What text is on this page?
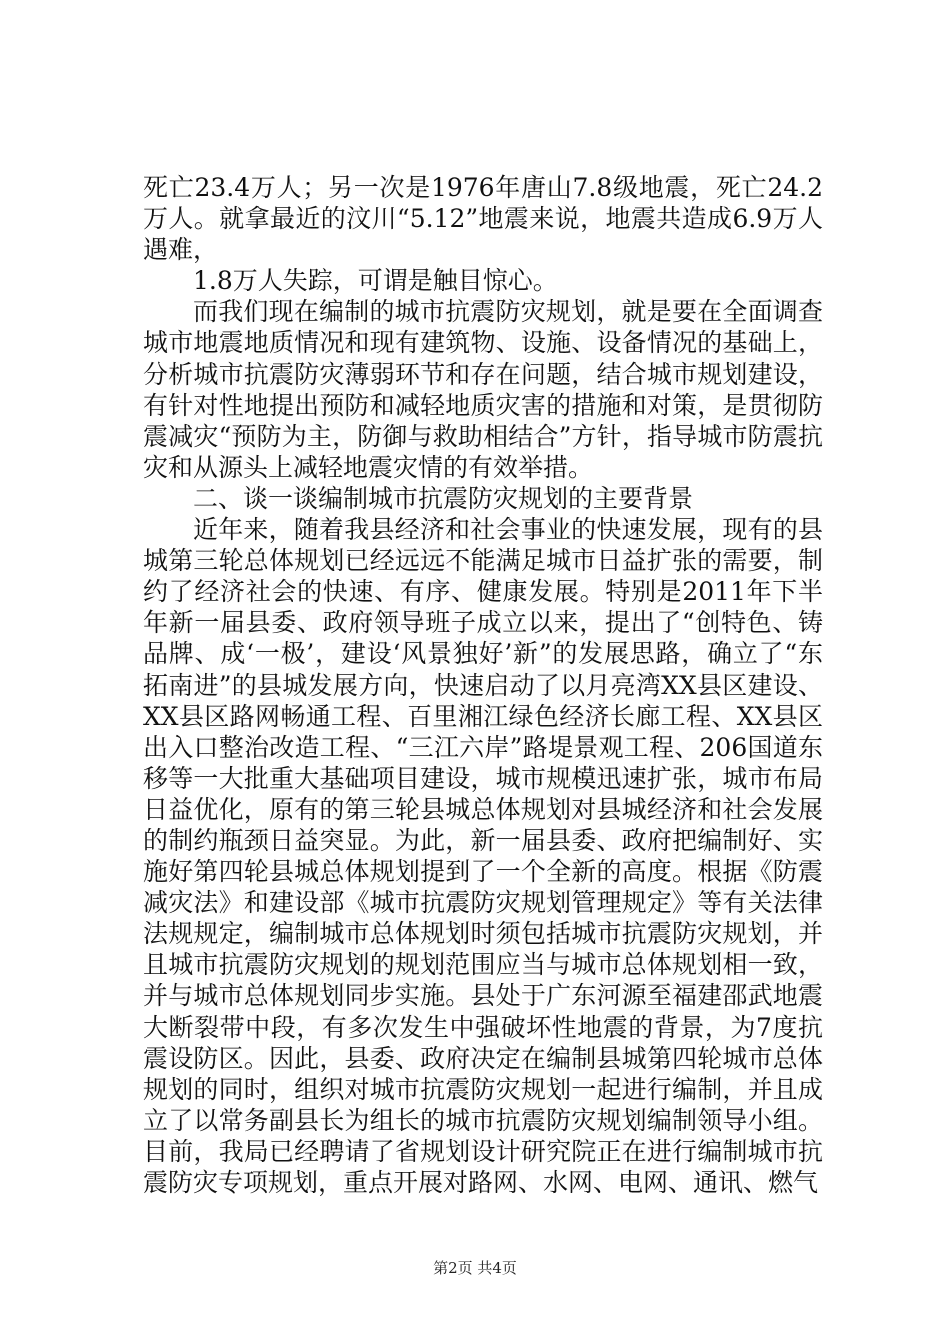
死亡23.4万人；另一次是1976年唐山7.8级地震，死亡24.2万人。就拿最近的汶川“5.12”地震来说，地震共造成6.9万人遇难，

1.8万人失踪，可谓是触目惊心。

而我们现在编制的城市抗震防灾规划，就是要在全面调查城市地震地质情况和现有建筑物、设施、设备情况的基础上，分析城市抗震防灾薄弱环节和存在问题，结合城市规划建设，有针对性地提出预防和减轻地质灾害的措施和对策，是贯彻防震减灾“预防为主，防御与救助相结合”方针，指导城市防震抗灾和从源头上减轻地震灾情的有效举措。

二、谈一谈编制城市抗震防灾规划的主要背景

近年来，随着我县经济和社会事业的快速发展，现有的县城第三轮总体规划已经远远不能满足城市日益扩张的需要，制约了经济社会的快速、有序、健康发展。特别是2011年下半年新一届县委、政府领导班子成立以来，提出了“创特色、铸品牌、成‘一极’，建设‘风景独好’新”的发展思路，确立了“东拓南进”的县城发展方向，快速启动了以月亮湾XX县区建设、XX县区路网畅通工程、百里湘江绿色经济长廊工程、XX县区出入口整治改造工程、“三江六岸”路堤景观工程、206国道东移等一大批重大基础项目建设，城市规模迅速扩张，城市布局日益优化，原有的第三轮县城总体规划对县城经济和社会发展的制约瓶颈日益突显。为此，新一届县委、政府把编制好、实施好第四轮县城总体规划提到了一个全新的高度。根据《防震减灾法》和建设部《城市抗震防灾规划管理规定》等有关法律法规规定，编制城市总体规划时须包括城市抗震防灾规划，并且城市抗震防灾规划的规划范围应当与城市总体规划相一致，并与城市总体规划同步实施。县处于广东河源至福建邵武地震大断裂带中段，有多次发生中强破坏性地震的背景，为7度抗震设防区。因此，县委、政府决定在编制县城第四轮城市总体规划的同时，组织对城市抗震防灾规划一起进行编制，并且成立了以常务副县长为组长的城市抗震防灾规划编制领导小组。目前，我局已经聘请了省规划设计研究院正在进行编制城市抗震防灾专项规划，重点开展对路网、水网、电网、通讯、燃气

第2页 共4页
